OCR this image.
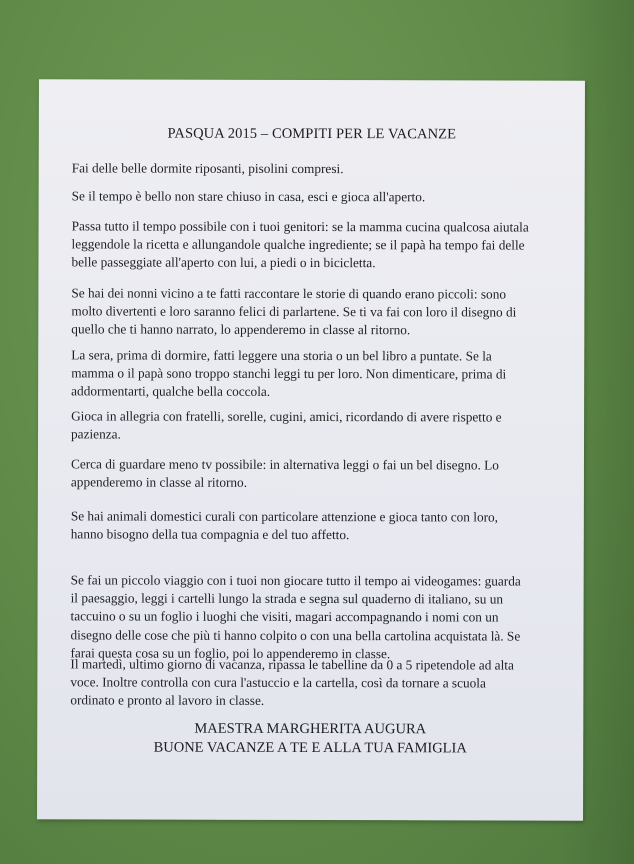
PASQUA 2015 – COMPITI PER LE VACANZE
Fai delle belle dormite riposanti, pisolini compresi.
Se il tempo è bello non stare chiuso in casa, esci e gioca all'aperto.
Passa tutto il tempo possibile con i tuoi genitori: se la mamma cucina qualcosa aiutala
leggendole la ricetta e allungandole qualche ingrediente; se il papà ha tempo fai delle
belle passeggiate all'aperto con lui, a piedi o in bicicletta.
Se hai dei nonni vicino a te fatti raccontare le storie di quando erano piccoli: sono
molto divertenti e loro saranno felici di parlartene. Se ti va fai con loro il disegno di
quello che ti hanno narrato, lo appenderemo in classe al ritorno.
La sera, prima di dormire, fatti leggere una storia o un bel libro a puntate. Se la
mamma o il papà sono troppo stanchi leggi tu per loro. Non dimenticare, prima di
addormentarti, qualche bella coccola.
Gioca in allegria con fratelli, sorelle, cugini, amici, ricordando di avere rispetto e
pazienza.
Cerca di guardare meno tv possibile: in alternativa leggi o fai un bel disegno. Lo
appenderemo in classe al ritorno.
Se hai animali domestici curali con particolare attenzione e gioca tanto con loro,
hanno bisogno della tua compagnia e del tuo affetto.
Se fai un piccolo viaggio con i tuoi non giocare tutto il tempo ai videogames: guarda
il paesaggio, leggi i cartelli lungo la strada e segna sul quaderno di italiano, su un
taccuino o su un foglio i luoghi che visiti, magari accompagnando i nomi con un
disegno delle cose che più ti hanno colpito o con una bella cartolina acquistata là. Se
farai questa cosa su un foglio, poi lo appenderemo in classe.
Il martedì, ultimo giorno di vacanza, ripassa le tabelline da 0 a 5 ripetendole ad alta
voce. Inoltre controlla con cura l'astuccio e la cartella, così da tornare a scuola
ordinato e pronto al lavoro in classe.
MAESTRA MARGHERITA AUGURA
BUONE VACANZE A TE E ALLA TUA FAMIGLIA
